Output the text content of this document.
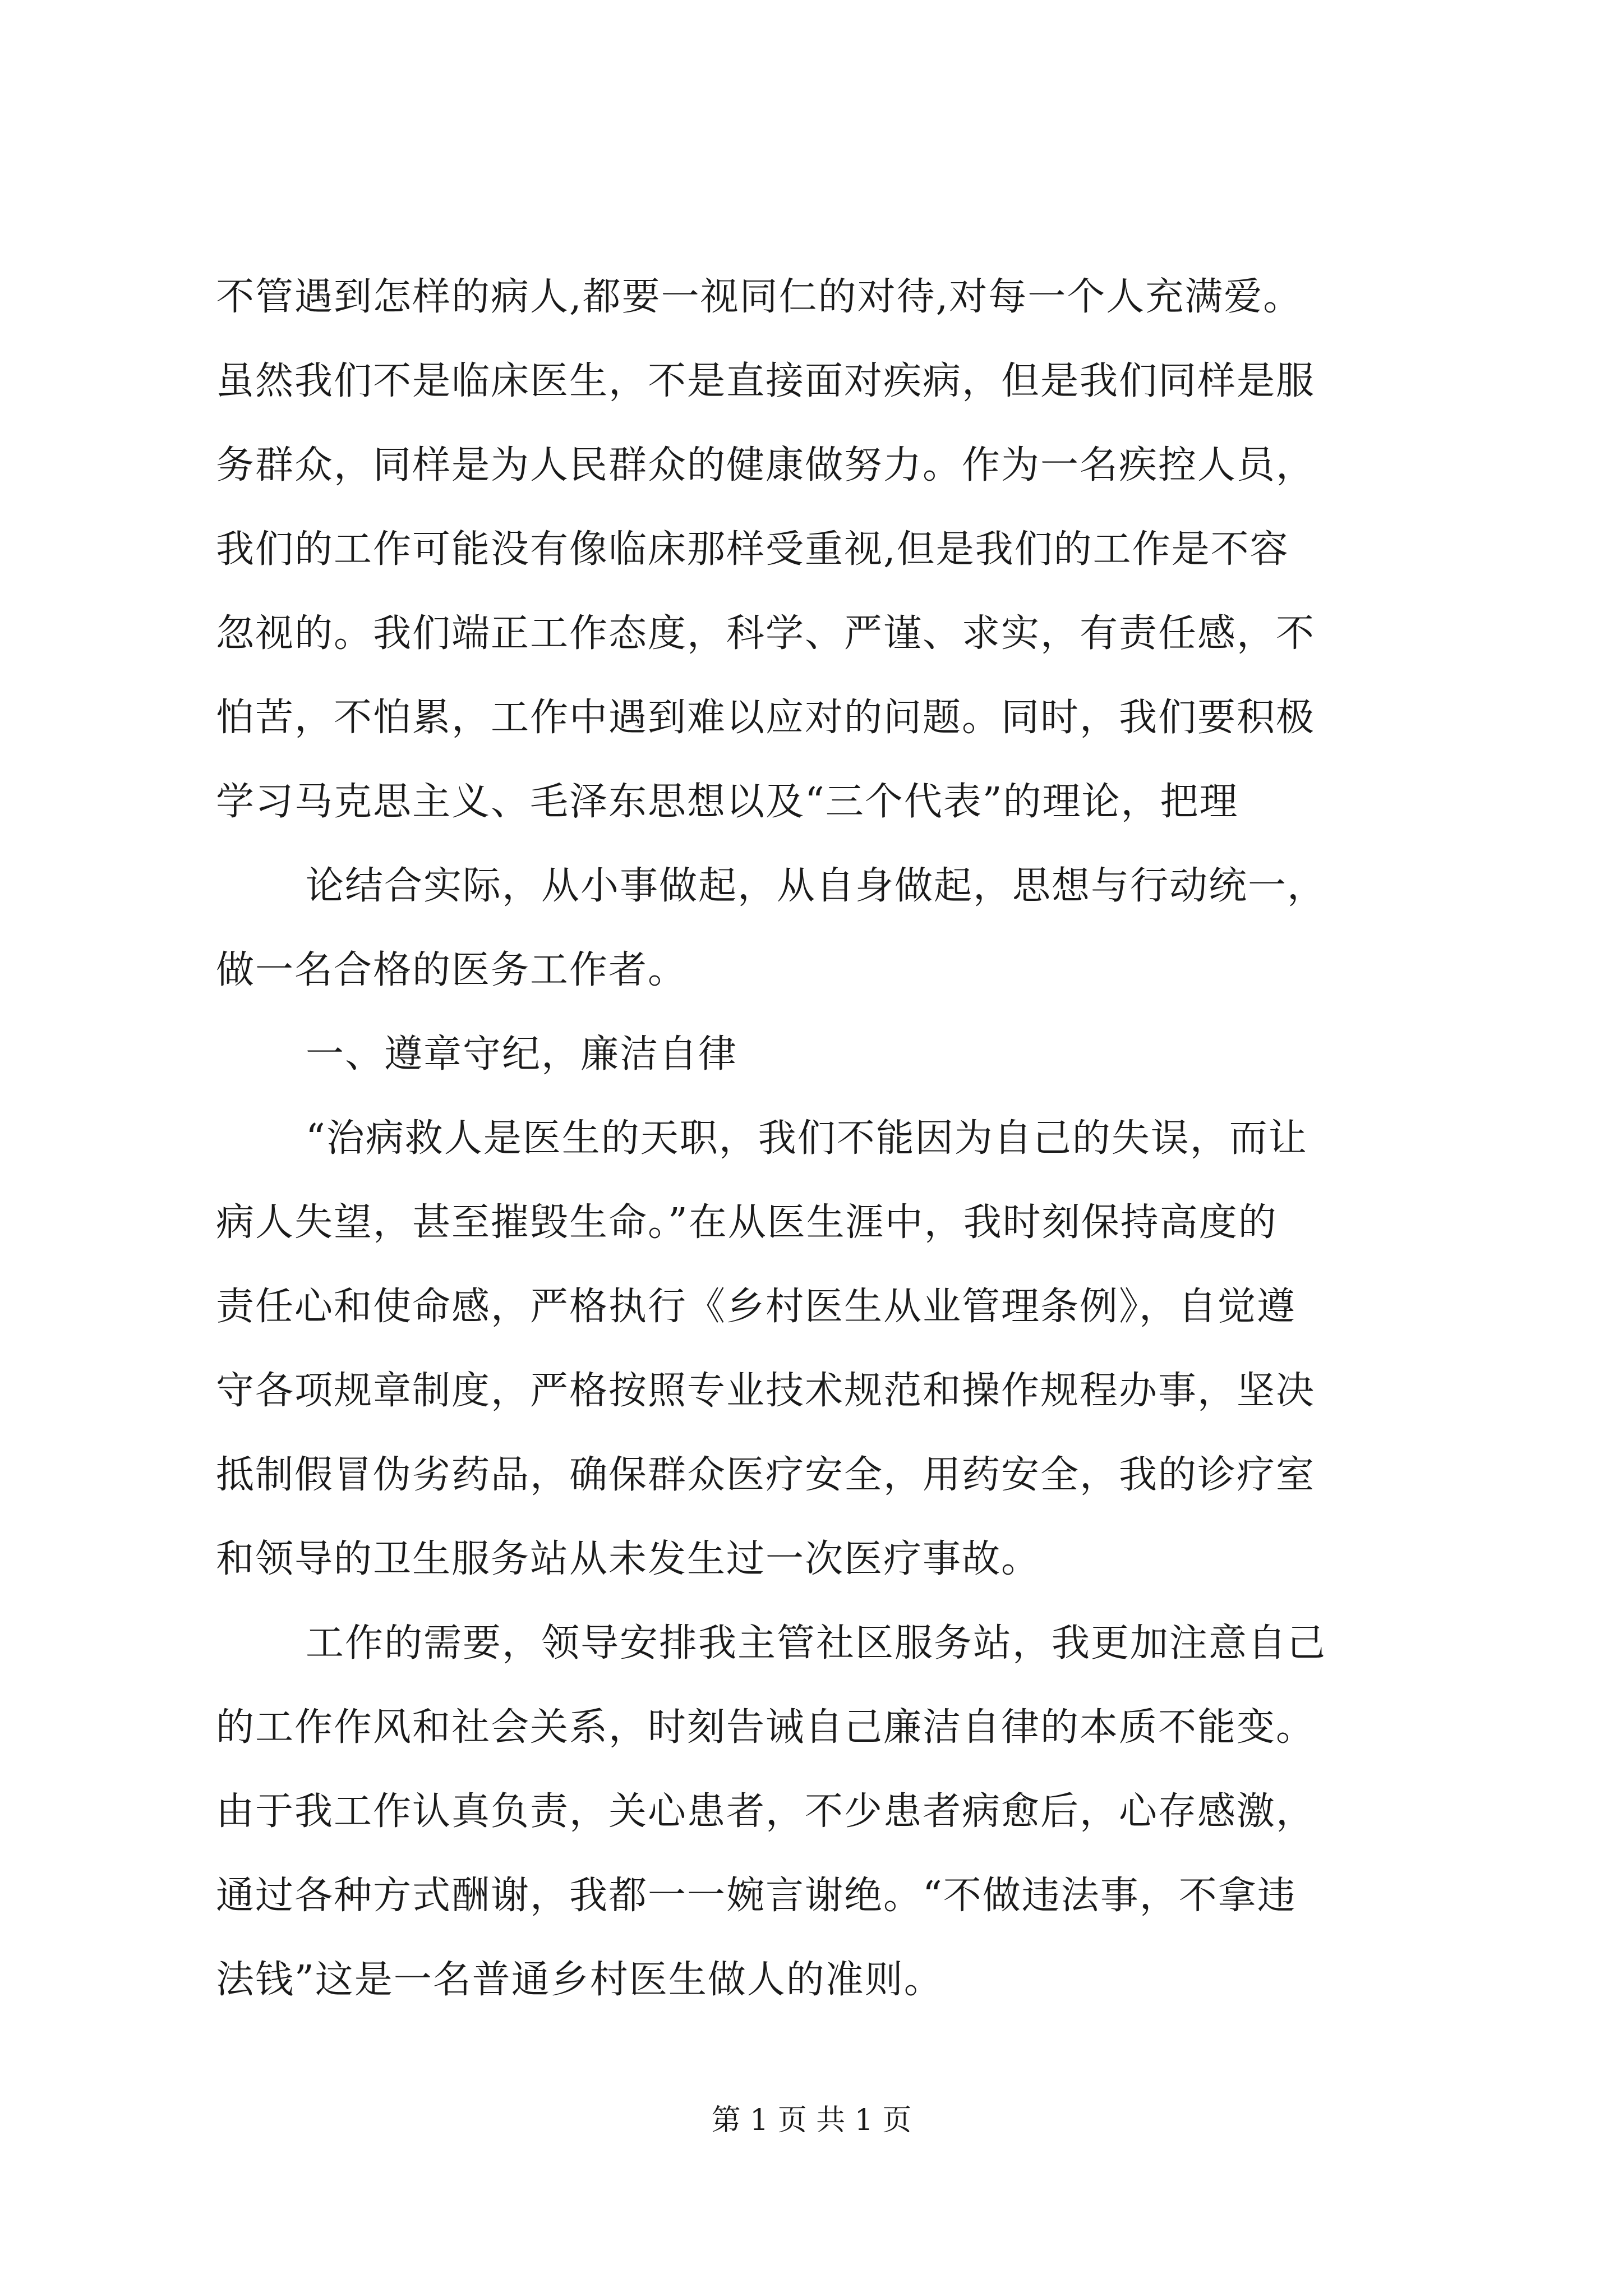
不管遇到怎样的病人,都要一视同仁的对待,对每一个人充满爱。
虽然我们不是临床医生，不是直接面对疾病，但是我们同样是服
务群众，同样是为人民群众的健康做努力。作为一名疾控人员，
我们的工作可能没有像临床那样受重视,但是我们的工作是不容
忽视的。我们端正工作态度，科学、严谨、求实，有责任感，不
怕苦，不怕累，工作中遇到难以应对的问题。同时，我们要积极
学习马克思主义、毛泽东思想以及“三个代表”的理论，把理
论结合实际，从小事做起，从自身做起，思想与行动统一，
做一名合格的医务工作者。
一、遵章守纪，廉洁自律
“治病救人是医生的天职，我们不能因为自己的失误，而让
病人失望，甚至摧毁生命。”在从医生涯中，我时刻保持高度的
责任心和使命感，严格执行《乡村医生从业管理条例》，自觉遵
守各项规章制度，严格按照专业技术规范和操作规程办事，坚决
抵制假冒伪劣药品，确保群众医疗安全，用药安全，我的诊疗室
和领导的卫生服务站从未发生过一次医疗事故。
工作的需要，领导安排我主管社区服务站，我更加注意自己
的工作作风和社会关系，时刻告诫自己廉洁自律的本质不能变。
由于我工作认真负责，关心患者，不少患者病愈后，心存感激，
通过各种方式酬谢，我都一一婉言谢绝。“不做违法事，不拿违
法钱”这是一名普通乡村医生做人的准则。
第 1 页 共 1 页
